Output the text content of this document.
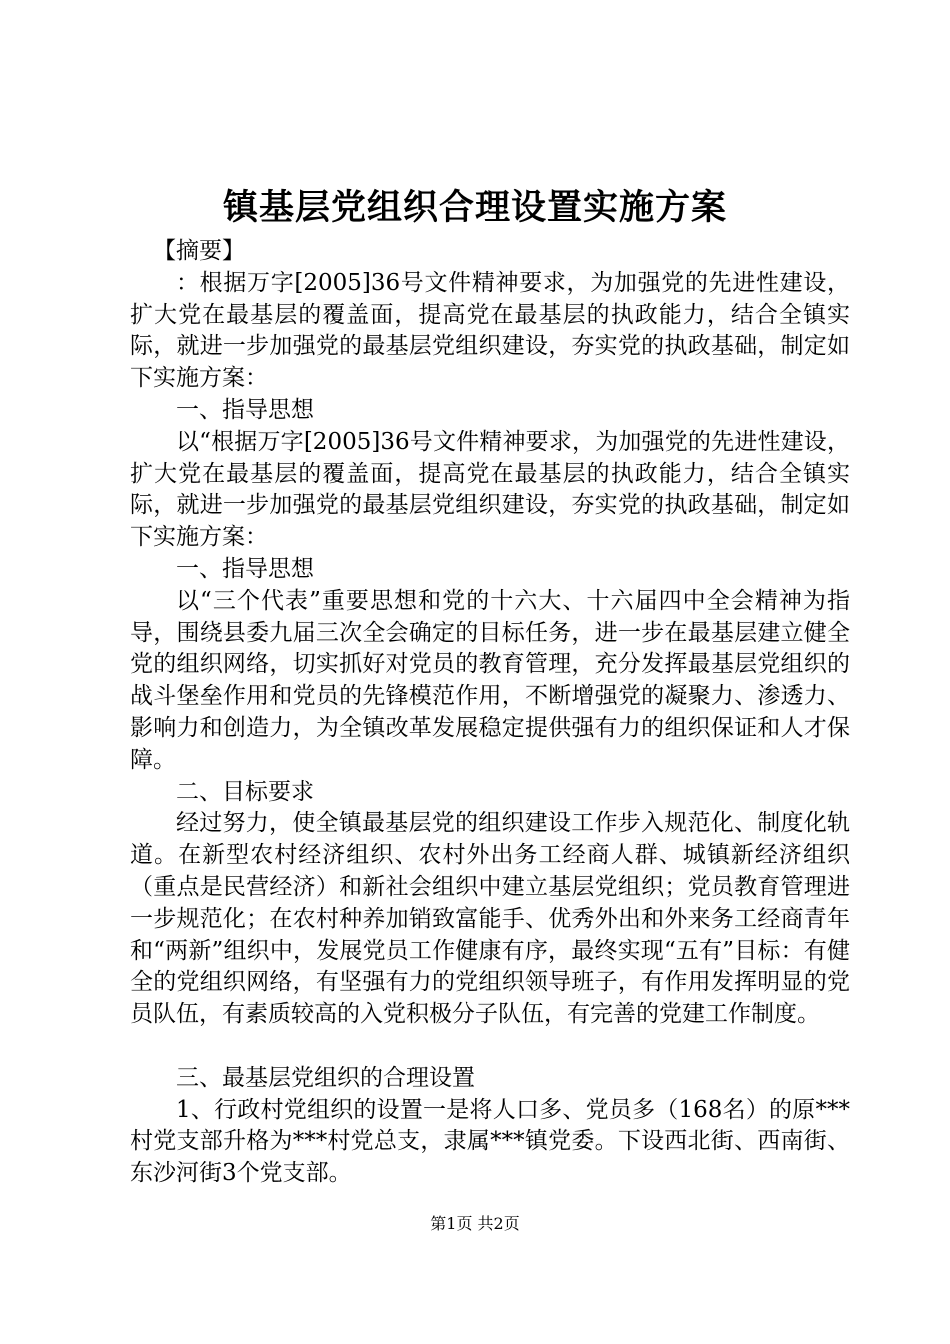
镇基层党组织合理设置实施方案

【摘要】

：根据万字[2005]36号文件精神要求，为加强党的先进性建设，扩大党在最基层的覆盖面，提高党在最基层的执政能力，结合全镇实际，就进一步加强党的最基层党组织建设，夯实党的执政基础，制定如下实施方案：

一、指导思想

以“根据万字[2005]36号文件精神要求，为加强党的先进性建设，扩大党在最基层的覆盖面，提高党在最基层的执政能力，结合全镇实际，就进一步加强党的最基层党组织建设，夯实党的执政基础，制定如下实施方案：

一、指导思想

以“三个代表”重要思想和党的十六大、十六届四中全会精神为指导，围绕县委九届三次全会确定的目标任务，进一步在最基层建立健全党的组织网络，切实抓好对党员的教育管理，充分发挥最基层党组织的战斗堡垒作用和党员的先锋模范作用，不断增强党的凝聚力、渗透力、影响力和创造力，为全镇改革发展稳定提供强有力的组织保证和人才保障。

二、目标要求

经过努力，使全镇最基层党的组织建设工作步入规范化、制度化轨道。在新型农村经济组织、农村外出务工经商人群、城镇新经济组织（重点是民营经济）和新社会组织中建立基层党组织；党员教育管理进一步规范化；在农村种养加销致富能手、优秀外出和外来务工经商青年和“两新”组织中，发展党员工作健康有序，最终实现“五有”目标：有健全的党组织网络，有坚强有力的党组织领导班子，有作用发挥明显的党员队伍，有素质较高的入党积极分子队伍，有完善的党建工作制度。

三、最基层党组织的合理设置

1、行政村党组织的设置一是将人口多、党员多（168名）的原***村党支部升格为***村党总支，隶属***镇党委。下设西北街、西南街、东沙河街3个党支部。

第1页 共2页
